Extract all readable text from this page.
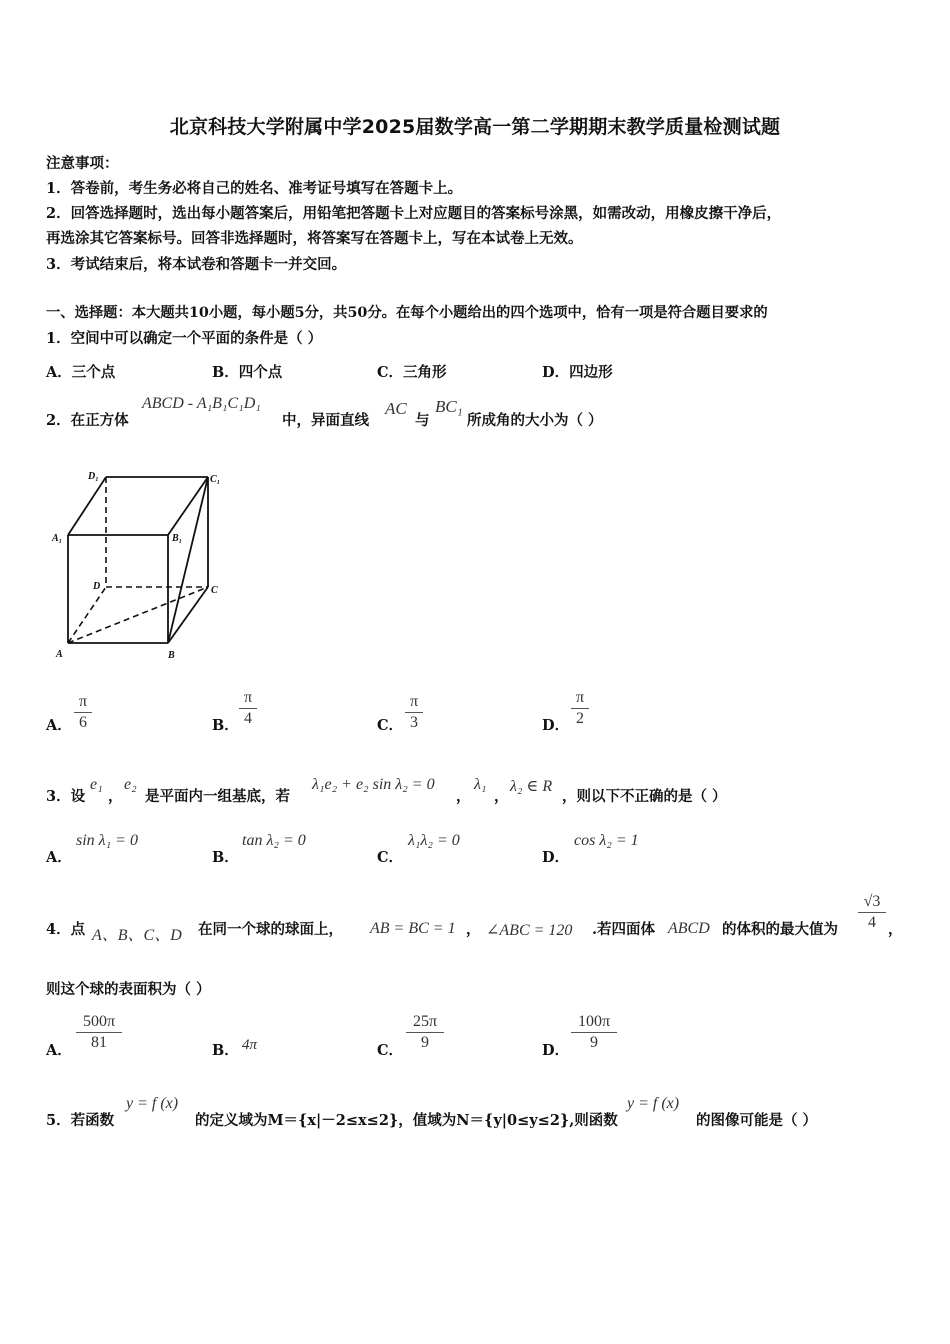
北京科技大学附属中学2025届数学高一第二学期期末教学质量检测试题
注意事项：
1．答卷前，考生务必将自己的姓名、准考证号填写在答题卡上。
2．回答选择题时，选出每小题答案后，用铅笔把答题卡上对应题目的答案标号涂黑，如需改动，用橡皮擦干净后，
再选涂其它答案标号。回答非选择题时，将答案写在答题卡上，写在本试卷上无效。
3．考试结束后，将本试卷和答题卡一并交回。
一、选择题：本大题共10小题，每小题5分，共50分。在每个小题给出的四个选项中，恰有一项是符合题目要求的
1．空间中可以确定一个平面的条件是（ ）
A．三个点	B．四个点	C．三角形	D．四边形
2．在正方体
ABCD - A₁B₁C₁D₁
中，异面直线
AC
与
BC₁
所成角的大小为（ ）
D₁	C₁
A₁	B₁
D	C
A	B
A．
π
6	B．
π
4	C．
π
3	D．
π
2
3．设
e₁
，
e₂
是平面内一组基底，若
λ₁e₂ + e₂ sin λ₂ = 0
，
λ₁
，
λ₂ ∈ R
，则以下不正确的是（ ）
A．
sin λ₁ = 0
B．
tan λ₂ = 0
C．
λ₁λ₂ = 0
D．
cos λ₂ = 1
4．点 A、B、C、D 在同一个球的球面上， AB = BC = 1 ， ∠ABC = 120 .若四面体 ABCD 的体积的最大值为
√3
4 ，
则这个球的表面积为（ ）
A．
500π
81	B． 4π	C．
25π
9	D．
100π
9
5．若函数
y = f (x)
的定义域为M＝{x|－2≤x≤2}，值域为N＝{y|0≤y≤2},则函数
y = f (x)
的图像可能是（ ）
